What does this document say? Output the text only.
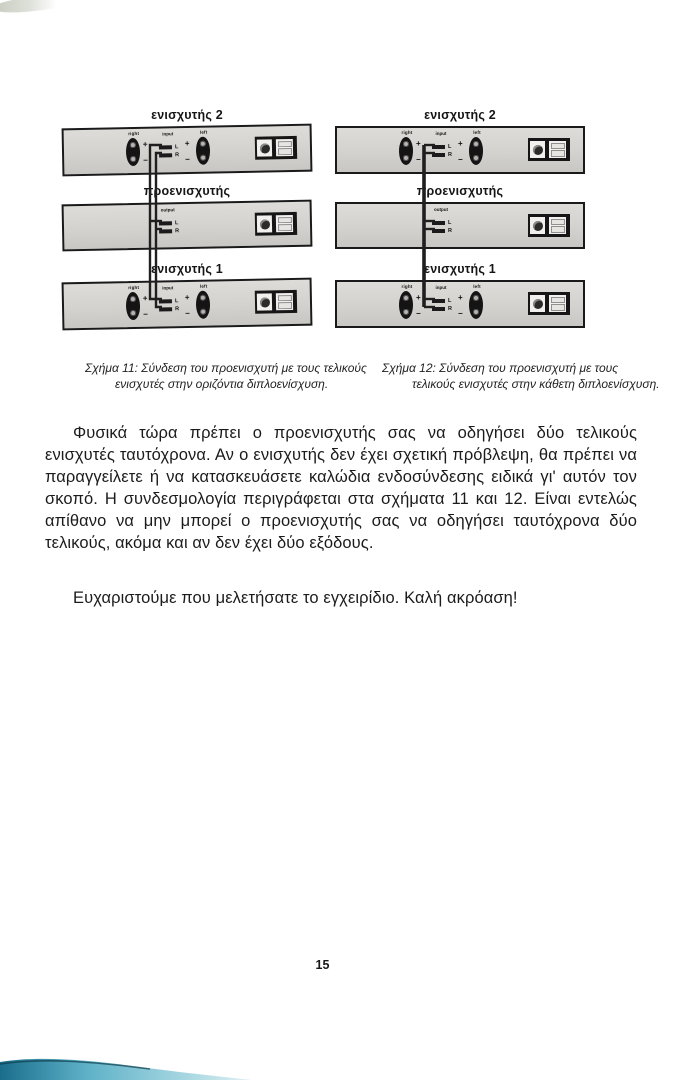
ενισχυτής 2
right
+
−
input
L
R
left
+
−
προενισχυτής
output
L
R
ενισχυτής 1
right
+
−
input
L
R
left
+
−
ενισχυτής 2
right
+
−
input
L
R
left
+
−
προενισχυτής
output
L
R
ενισχυτής 1
right
+
−
input
L
R
left
+
−

Σχήμα 11: Σύνδεση του προενισχυτή με τους τελικούς ενισχυτές στην οριζόντια διπλοενίσχυση.

Σχήμα 12: Σύνδεση του προενισχυτή με τους τελικούς ενισχυτές στην κάθετη διπλοενίσχυση.

Φυσικά τώρα πρέπει ο προενισχυτής σας να οδηγήσει δύο τελικούς ενισχυτές ταυτόχρονα. Αν ο ενισχυτής δεν έχει σχετική πρόβλεψη, θα πρέπει να παραγγείλετε ή να κατασκευάσετε καλώδια ενδοσύνδεσης ειδικά γι' αυτόν τον σκοπό. Η συνδεσμολογία περιγράφεται στα σχήματα 11 και 12. Είναι εντελώς απίθανο να μην μπορεί ο προενισχυτής σας να οδηγήσει ταυτόχρονα δύο τελικούς, ακόμα και αν δεν έχει δύο εξόδους.

Ευχαριστούμε που μελετήσατε το εγχειρίδιο. Καλή ακρόαση!

15
